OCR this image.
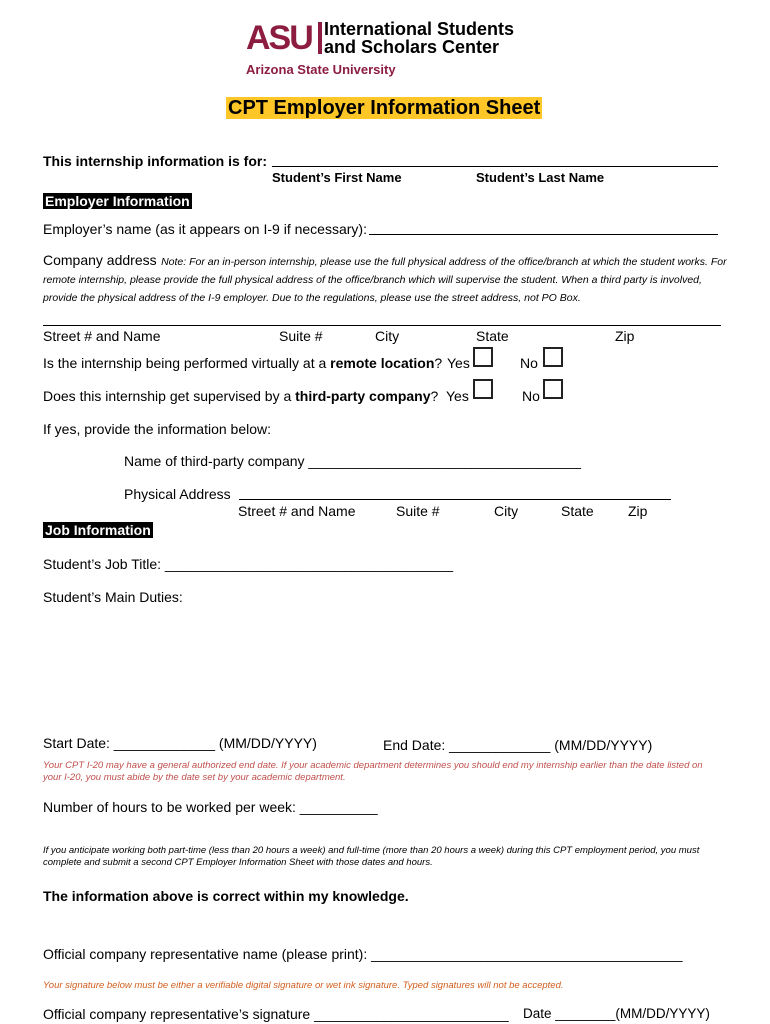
ASU International Students
and Scholars Center
Arizona State University
CPT Employer Information Sheet
This internship information is for:
Student’s First Name	Student’s Last Name
Employer Information
Employer’s name (as it appears on I-9 if necessary):
Company address Note: For an in-person internship, please use the full physical address of the office/branch at which the student works. For remote internship, please provide the full physical address of the office/branch which will supervise the student. When a third party is involved, provide the physical address of the I-9 employer. Due to the regulations, please use the street address, not PO Box.
Street # and Name	Suite #	City	State	Zip
Is the internship being performed virtually at a remote location? Yes	No
Does this internship get supervised by a third-party company? Yes	No
If yes, provide the information below:
Name of third-party company ___________________________________
Physical Address
Street # and Name	Suite #	City	State Zip
Job Information
Student’s Job Title: _____________________________________
Student’s Main Duties:
Start Date: _____________ (MM/DD/YYYY)	End Date: _____________ (MM/DD/YYYY)
Your CPT I-20 may have a general authorized end date. If your academic department determines you should end my internship earlier than the date listed on your I-20, you must abide by the date set by your academic department.
Number of hours to be worked per week: __________
If you anticipate working both part-time (less than 20 hours a week) and full-time (more than 20 hours a week) during this CPT employment period, you must complete and submit a second CPT Employer Information Sheet with those dates and hours.
The information above is correct within my knowledge.
Official company representative name (please print): ________________________________________
Your signature below must be either a verifiable digital signature or wet ink signature. Typed signatures will not be accepted.
Official company representative’s signature _________________________ Date ________(MM/DD/YYYY)
